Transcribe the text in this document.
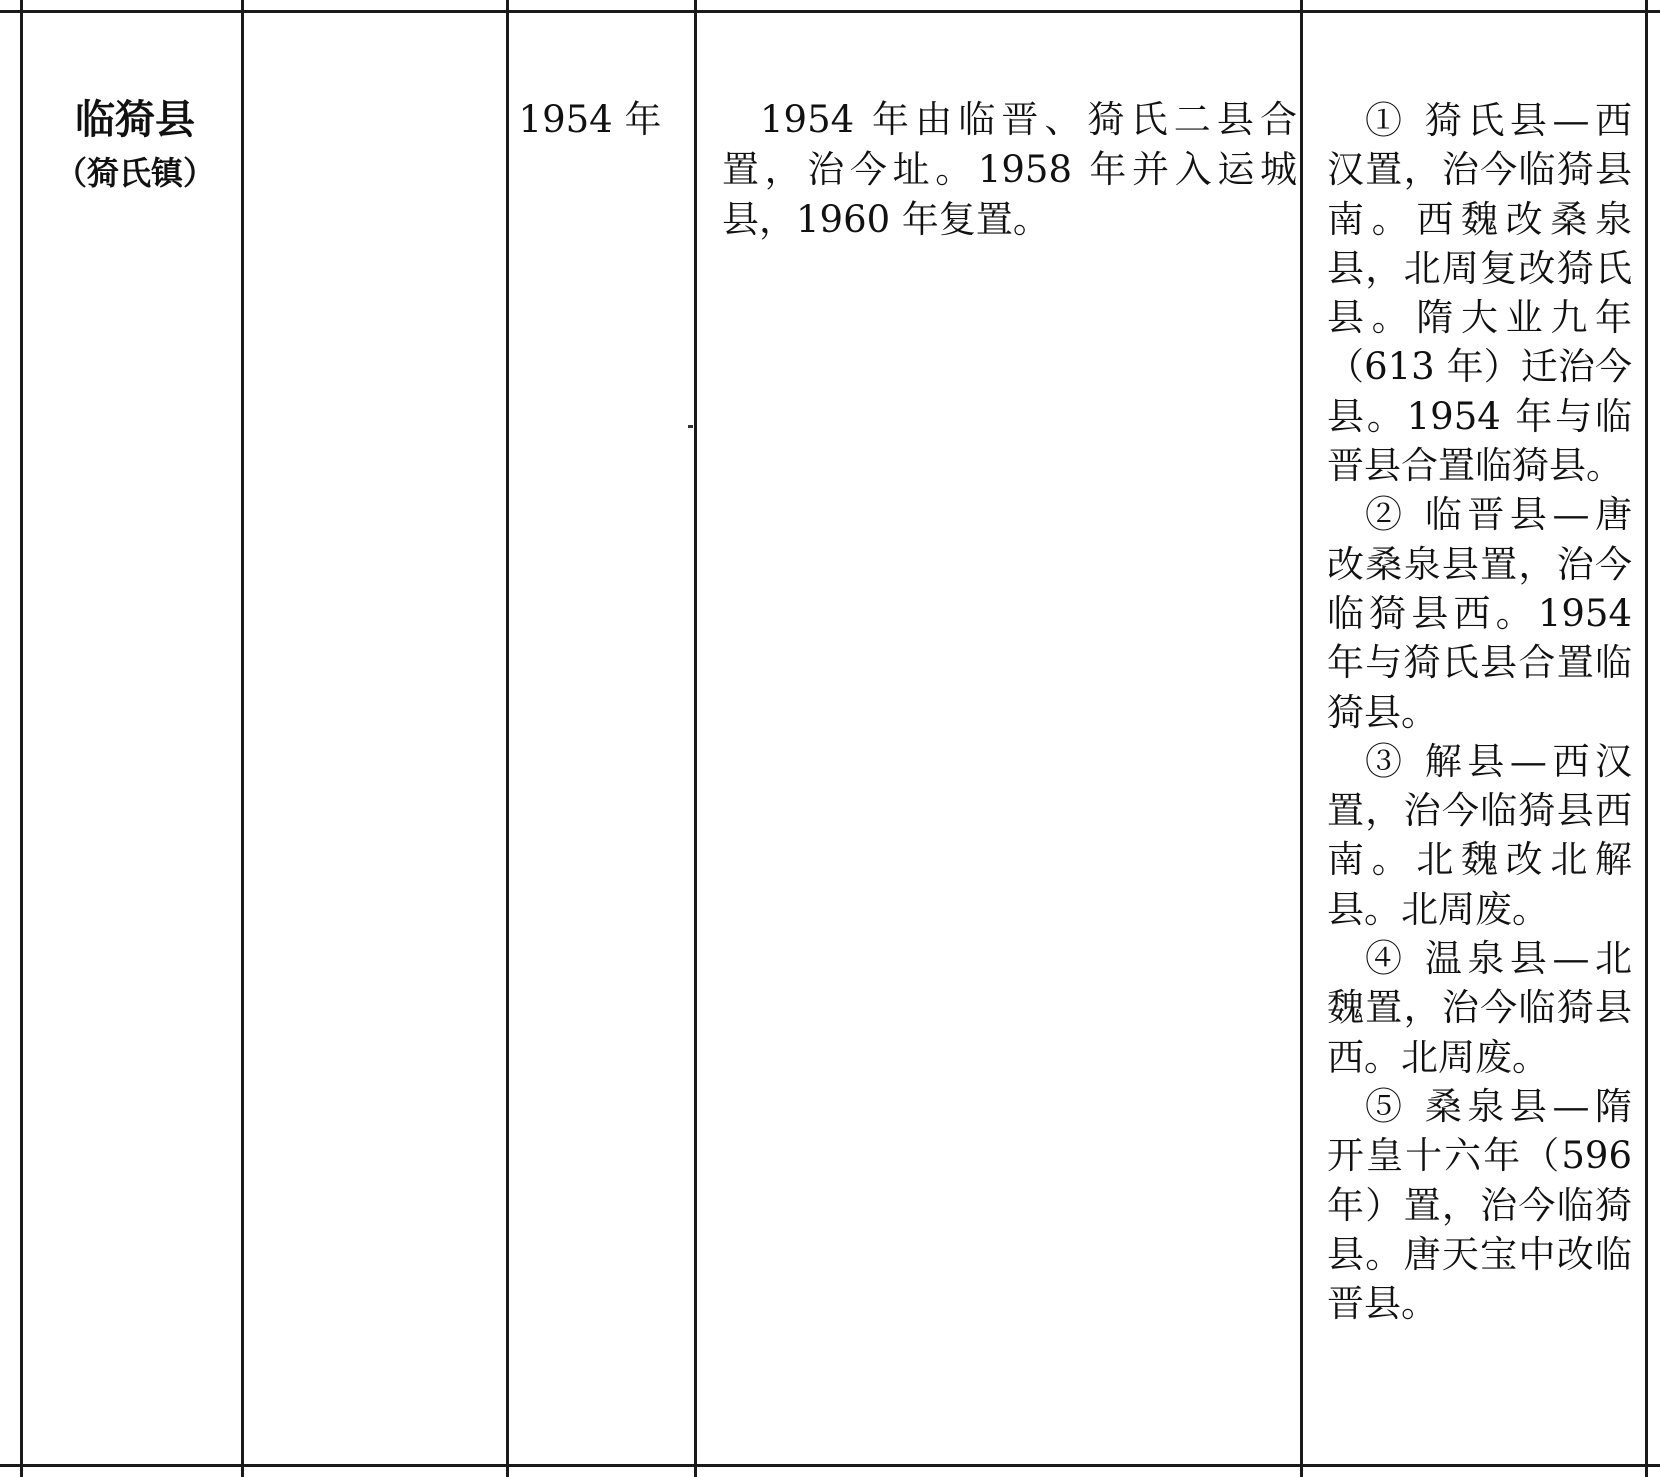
临猗县
（猗氏镇）
1954 年	1954 年由临晋、猗氏二县合置，治今址。1958 年并入运城县，1960 年复置。

① 猗氏县—西汉置，治今临猗县南。西魏改桑泉县，北周复改猗氏县。隋大业九年（613 年）迁治今县。1954 年与临晋县合置临猗县。

② 临晋县—唐改桑泉县置，治今临猗县西。1954 年与猗氏县合置临猗县。

③ 解县—西汉置，治今临猗县西南。北魏改北解县。北周废。

④ 温泉县—北魏置，治今临猗县西。北周废。

⑤ 桑泉县—隋开皇十六年（596 年）置，治今临猗县。唐天宝中改临晋县。
